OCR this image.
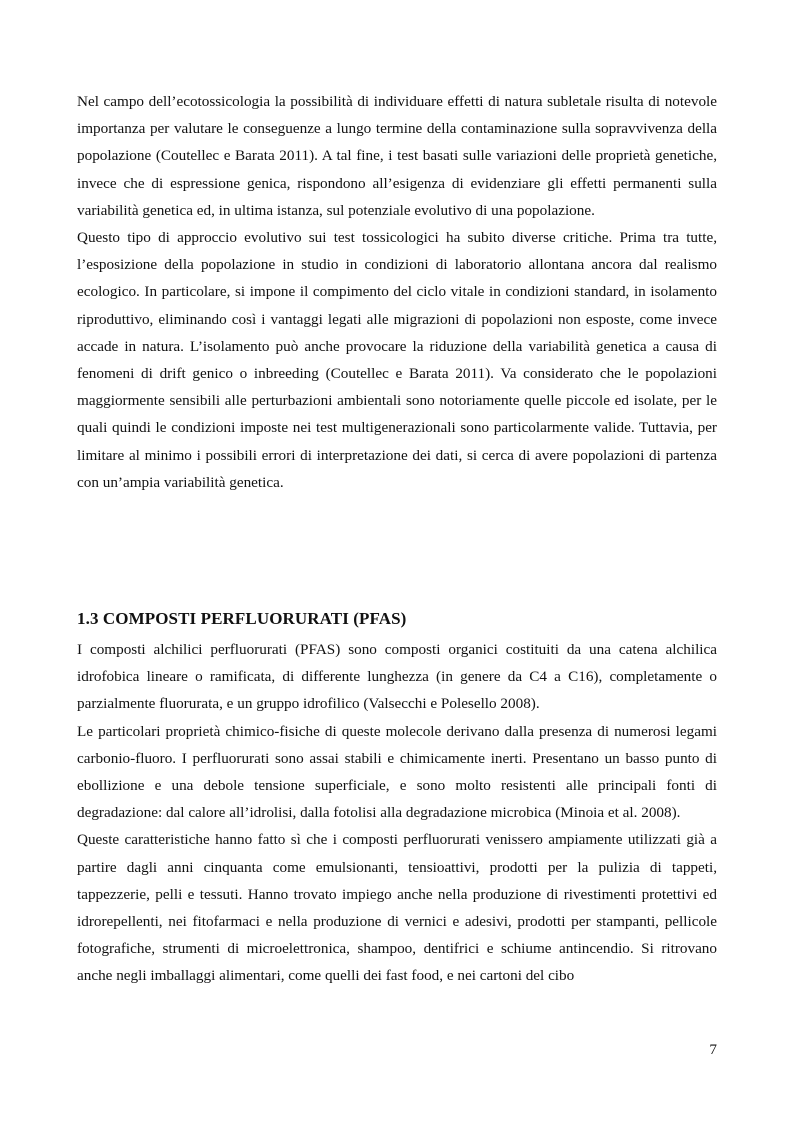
Nel campo dell’ecotossicologia la possibilità di individuare effetti di natura subletale risulta di notevole importanza per valutare le conseguenze a lungo termine della contaminazione sulla sopravvivenza della popolazione (Coutellec e Barata 2011). A tal fine, i test basati sulle variazioni delle proprietà genetiche, invece che di espressione genica, rispondono all’esigenza di evidenziare gli effetti permanenti sulla variabilità genetica ed, in ultima istanza, sul potenziale evolutivo di una popolazione.

Questo tipo di approccio evolutivo sui test tossicologici ha subito diverse critiche. Prima tra tutte, l’esposizione della popolazione in studio in condizioni di laboratorio allontana ancora dal realismo ecologico. In particolare, si impone il compimento del ciclo vitale in condizioni standard, in isolamento riproduttivo, eliminando così i vantaggi legati alle migrazioni di popolazioni non esposte, come invece accade in natura. L’isolamento può anche provocare la riduzione della variabilità genetica a causa di fenomeni di drift genico o inbreeding (Coutellec e Barata 2011). Va considerato che le popolazioni maggiormente sensibili alle perturbazioni ambientali sono notoriamente quelle piccole ed isolate, per le quali quindi le condizioni imposte nei test multigenerazionali sono particolarmente valide. Tuttavia, per limitare al minimo i possibili errori di interpretazione dei dati, si cerca di avere popolazioni di partenza con un’ampia variabilità genetica.

1.3 COMPOSTI PERFLUORURATI (PFAS)

I composti alchilici perfluorurati (PFAS) sono composti organici costituiti da una catena alchilica idrofobica lineare o ramificata, di differente lunghezza (in genere da C4 a C16), completamente o parzialmente fluorurata, e un gruppo idrofilico (Valsecchi e Polesello 2008).

Le particolari proprietà chimico-fisiche di queste molecole derivano dalla presenza di numerosi legami carbonio-fluoro. I perfluorurati sono assai stabili e chimicamente inerti. Presentano un basso punto di ebollizione e una debole tensione superficiale, e sono molto resistenti alle principali fonti di degradazione: dal calore all’idrolisi, dalla fotolisi alla degradazione microbica (Minoia et al. 2008).

Queste caratteristiche hanno fatto sì che i composti perfluorurati venissero ampiamente utilizzati già a partire dagli anni cinquanta come emulsionanti, tensioattivi, prodotti per la pulizia di tappeti, tappezzerie, pelli e tessuti. Hanno trovato impiego anche nella produzione di rivestimenti protettivi ed idrorepellenti, nei fitofarmaci e nella produzione di vernici e adesivi, prodotti per stampanti, pellicole fotografiche, strumenti di microelettronica, shampoo, dentifrici e schiume antincendio. Si ritrovano anche negli imballaggi alimentari, come quelli dei fast food, e nei cartoni del cibo

7
